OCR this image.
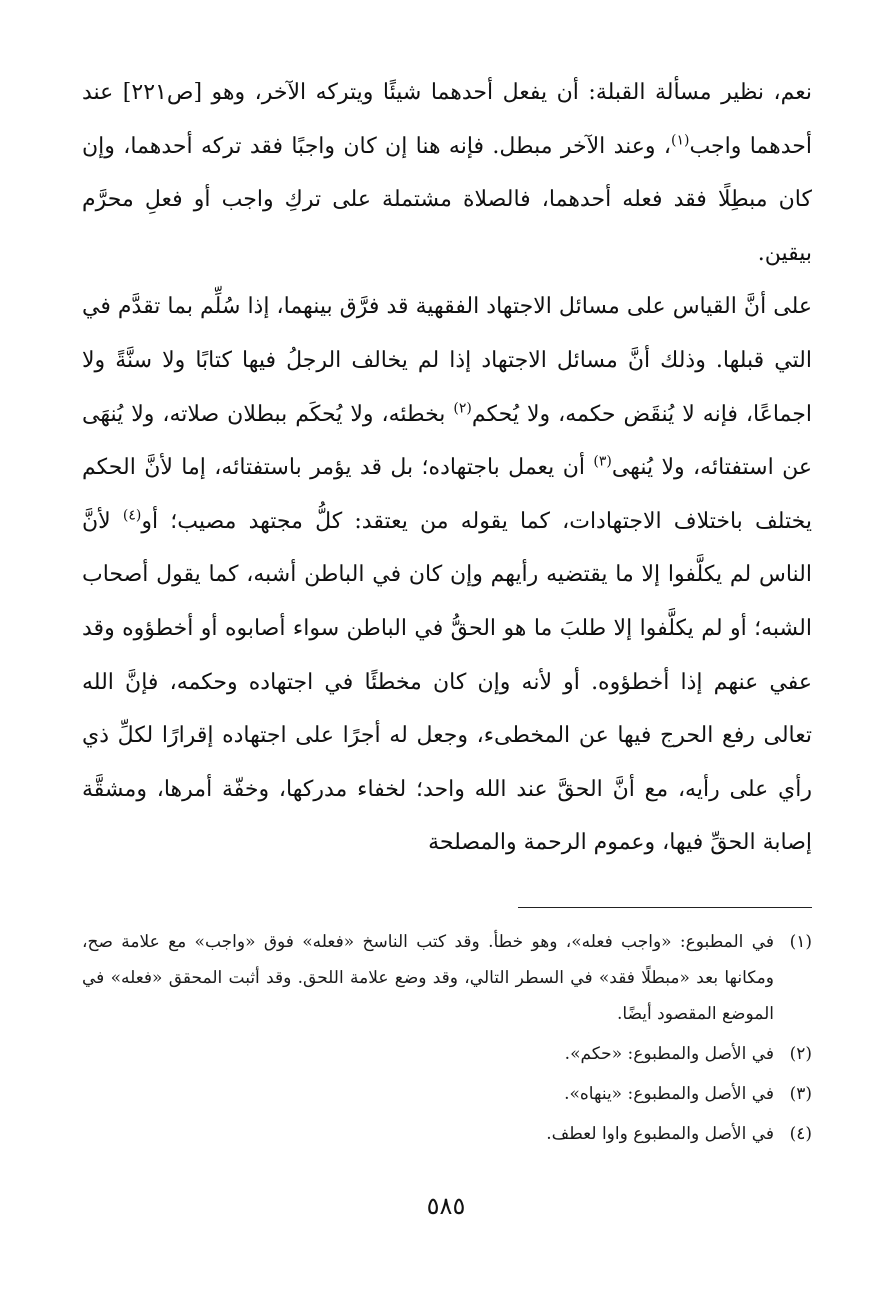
نعم، نظير مسألة القبلة: أن يفعل أحدهما شيئًا ويتركه الآخر، وهو [ص٢٢١] عند أحدهما واجب$^{(١)}$، وعند الآخر مبطل. فإنه هنا إن كان واجبًا فقد تركه أحدهما، وإن كان مبطِلًا فقد فعله أحدهما، فالصلاة مشتملة على تركِ واجب أو فعلِ محرَّم بيقين.

على أنَّ القياس على مسائل الاجتهاد الفقهية قد فرَّق بينهما، إذا سُلِّم بما تقدَّم في التي قبلها. وذلك أنَّ مسائل الاجتهاد إذا لم يخالف الرجلُ فيها كتابًا ولا سنَّةً ولا اجماعًا، فإنه لا يُنقَض حكمه، ولا يُحكم$^{(٢)}$ بخطئه، ولا يُحكَم ببطلان صلاته، ولا يُنهَى عن استفتائه، ولا يُنهى$^{(٣)}$ أن يعمل باجتهاده؛ بل قد يؤمر باستفتائه، إما لأنَّ الحكم يختلف باختلاف الاجتهادات، كما يقوله من يعتقد: كلُّ مجتهد مصيب؛ أو$^{(٤)}$ لأنَّ الناس لم يكلَّفوا إلا ما يقتضيه رأيهم وإن كان في الباطن أشبه، كما يقول أصحاب الشبه؛ أو لم يكلَّفوا إلا طلبَ ما هو الحقُّ في الباطن سواء أصابوه أو أخطؤوه وقد عفي عنهم إذا أخطؤوه. أو لأنه وإن كان مخطئًا في اجتهاده وحكمه، فإنَّ الله تعالى رفع الحرج فيها عن المخطىء، وجعل له أجرًا على اجتهاده إقرارًا لكلِّ ذي رأي على رأيه، مع أنَّ الحقَّ عند الله واحد؛ لخفاء مدركها، وخفّة أمرها، ومشقَّة إصابة الحقِّ فيها، وعموم الرحمة والمصلحة

(١)
في المطبوع: «واجب فعله»، وهو خطأ. وقد كتب الناسخ «فعله» فوق «واجب» مع علامة صح، ومكانها بعد «مبطلًا فقد» في السطر التالي، وقد وضع علامة اللحق. وقد أثبت المحقق «فعله» في الموضع المقصود أيضًا.
(٢)
في الأصل والمطبوع: «حكم».
(٣)
في الأصل والمطبوع: «ينهاه».
(٤)
في الأصل والمطبوع واوا لعطف.
٥٨٥
